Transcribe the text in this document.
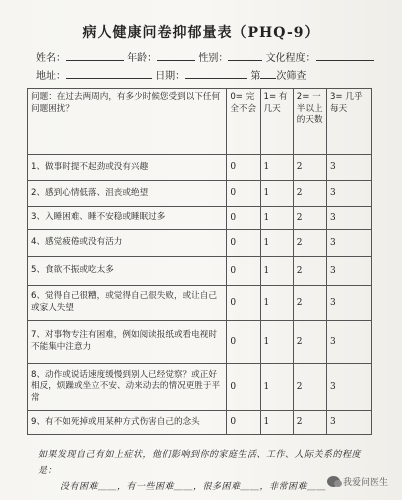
病人健康问卷抑郁量表（PHQ-9）
姓名：	年龄：	性别：	文化程度：
地址：	日期：	第 次筛查
问题：在过去两周内，有多少时候您受到以下任何问题困扰？	0= 完全不会	1= 有几天	2= 一半以上的天数	3= 几乎每天
1、做事时提不起劲或没有兴趣	0	1	2	3
2、感到心情低落、沮丧或绝望	0	1	2	3
3、入睡困难、睡不安稳或睡眠过多	0	1	2	3
4、感觉疲倦或没有活力	0	1	2	3
5、食欲不振或吃太多	0	1	2	3
6、觉得自己很糟，或觉得自己很失败，或让自己或家人失望	0	1	2	3
7、对事物专注有困难，例如阅读报纸或看电视时不能集中注意力	0	1	2	3
8、动作或说话速度缓慢到别人已经觉察？或正好相反，烦躁或坐立不安、动来动去的情况更胜于平常	0	1	2	3
9、有不如死掉或用某种方式伤害自己的念头	0	1	2	3
如果发现自己有如上症状，他们影响到你的家庭生活、工作、人际关系的程度是：
没有困难＿＿，有一些困难＿＿，很多困难＿＿，非常困难＿＿	我爱问医生
